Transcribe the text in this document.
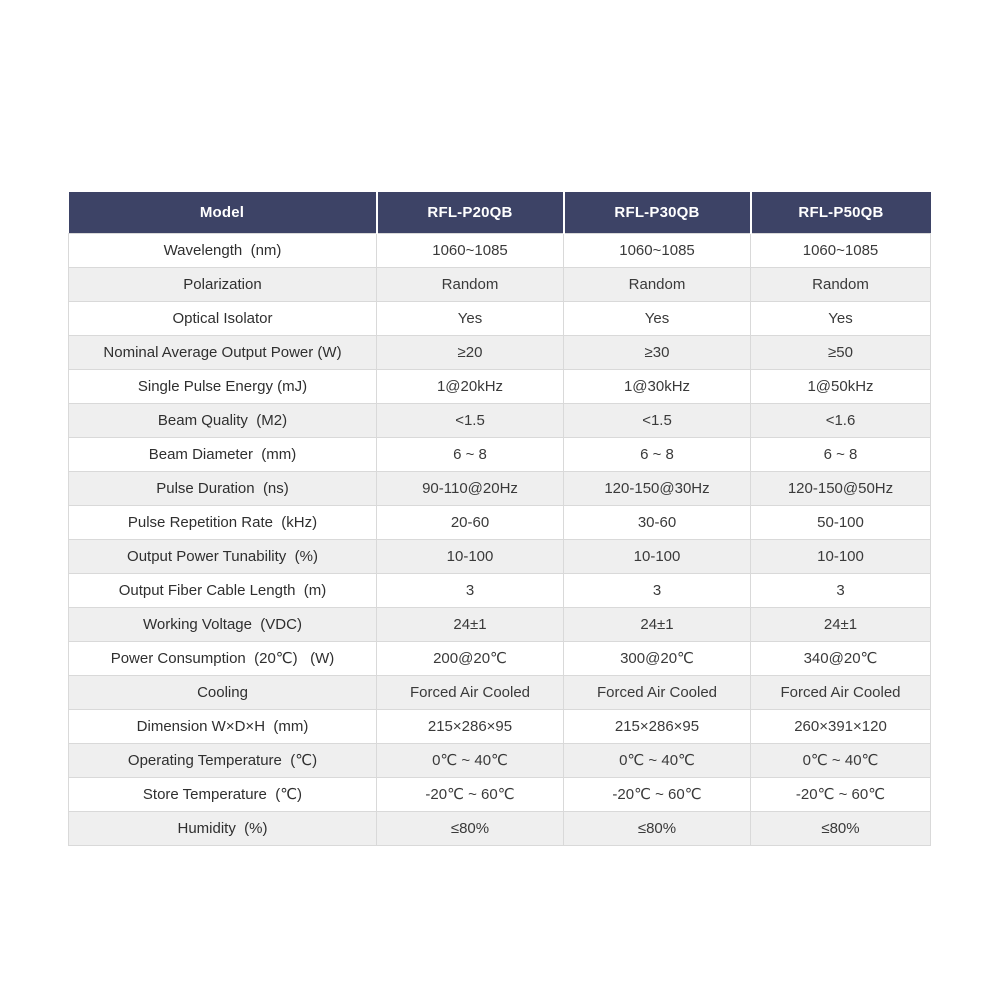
Model	RFL-P20QB	RFL-P30QB	RFL-P50QB
Wavelength  (nm)	1060~1085	1060~1085	1060~1085
Polarization	Random	Random	Random
Optical Isolator	Yes	Yes	Yes
Nominal Average Output Power (W)	≥20	≥30	≥50
Single Pulse Energy (mJ)	1@20kHz	1@30kHz	1@50kHz
Beam Quality  (M2)	<1.5	<1.5	<1.6
Beam Diameter  (mm)	6 ~ 8	6 ~ 8	6 ~ 8
Pulse Duration  (ns)	90-110@20Hz	120-150@30Hz	120-150@50Hz
Pulse Repetition Rate  (kHz)	20-60	30-60	50-100
Output Power Tunability  (%)	10-100	10-100	10-100
Output Fiber Cable Length  (m)	3	3	3
Working Voltage  (VDC)	24±1	24±1	24±1
Power Consumption  (20℃)   (W)	200@20℃	300@20℃	340@20℃
Cooling	Forced Air Cooled	Forced Air Cooled	Forced Air Cooled
Dimension W×D×H  (mm)	215×286×95	215×286×95	260×391×120
Operating Temperature  (℃)	0℃ ~ 40℃	0℃ ~ 40℃	0℃ ~ 40℃
Store Temperature  (℃)	-20℃ ~ 60℃	-20℃ ~ 60℃	-20℃ ~ 60℃
Humidity  (%)	≤80%	≤80%	≤80%
